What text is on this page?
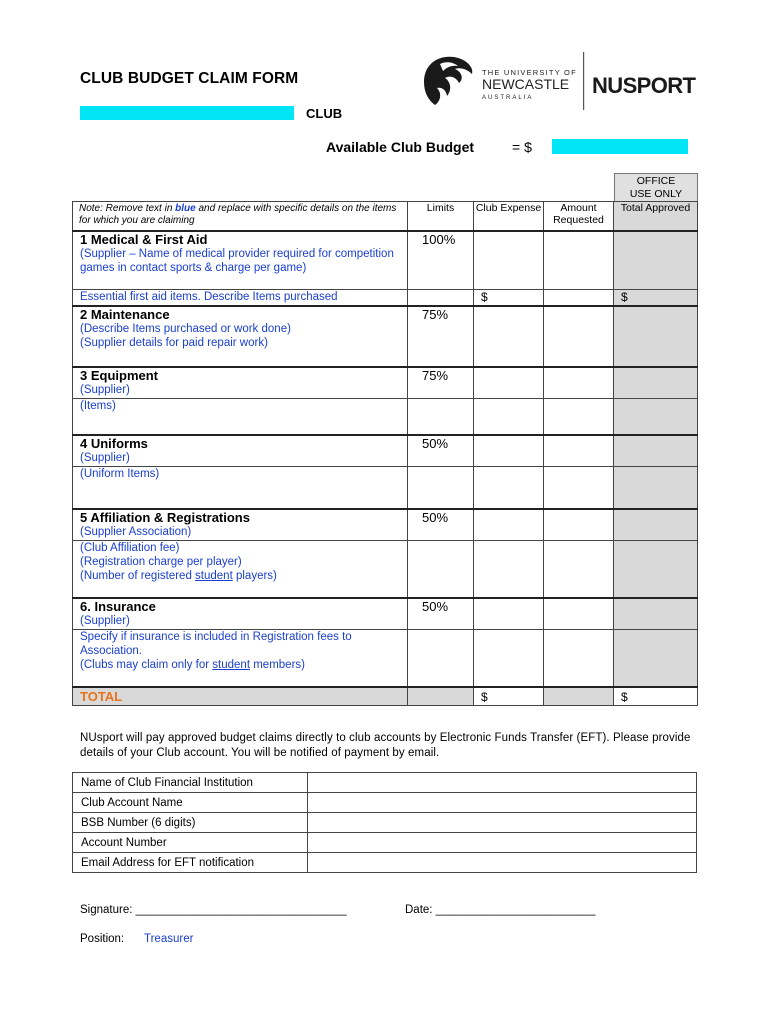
CLUB BUDGET CLAIM FORM
CLUB
Available Club Budget	= $
THE UNIVERSITY OF
NEWCASTLE
AUSTRALIA	NUSPORT
OFFICE
USE ONLY
Note: Remove text in blue and replace with specific details on the items for which you are claiming	Limits	Club Expense	Amount Requested	Total Approved
1 Medical & First Aid	100%			
(Supplier – Name of medical provider required for competition games in contact sports & charge per game)				
Essential first aid items. Describe Items purchased		$		$
2 Maintenance	75%			

(Describe Items purchased or work done)
(Supplier details for paid repair work)				

3 Equipment	75%			
(Supplier)				
(Items)				
4 Uniforms	50%			
(Supplier)				
(Uniform Items)				
5 Affiliation & Registrations	50%			
(Supplier Association)				

(Club Affiliation fee)
(Registration charge per player)
(Number of registered student players)				

6. Insurance	50%			
(Supplier)				

Specify if insurance is included in Registration fees to Association.
(Clubs may claim only for student members)				

TOTAL		$		$
NUsport will pay approved budget claims directly to club accounts by Electronic Funds Transfer (EFT). Please provide details of your Club account. You will be notified of payment by email.
Name of Club Financial Institution	
Club Account Name	
BSB Number (6 digits)	
Account Number	
Email Address for EFT notification	
Signature: _________________________________	Date: _________________________
Position: Treasurer
